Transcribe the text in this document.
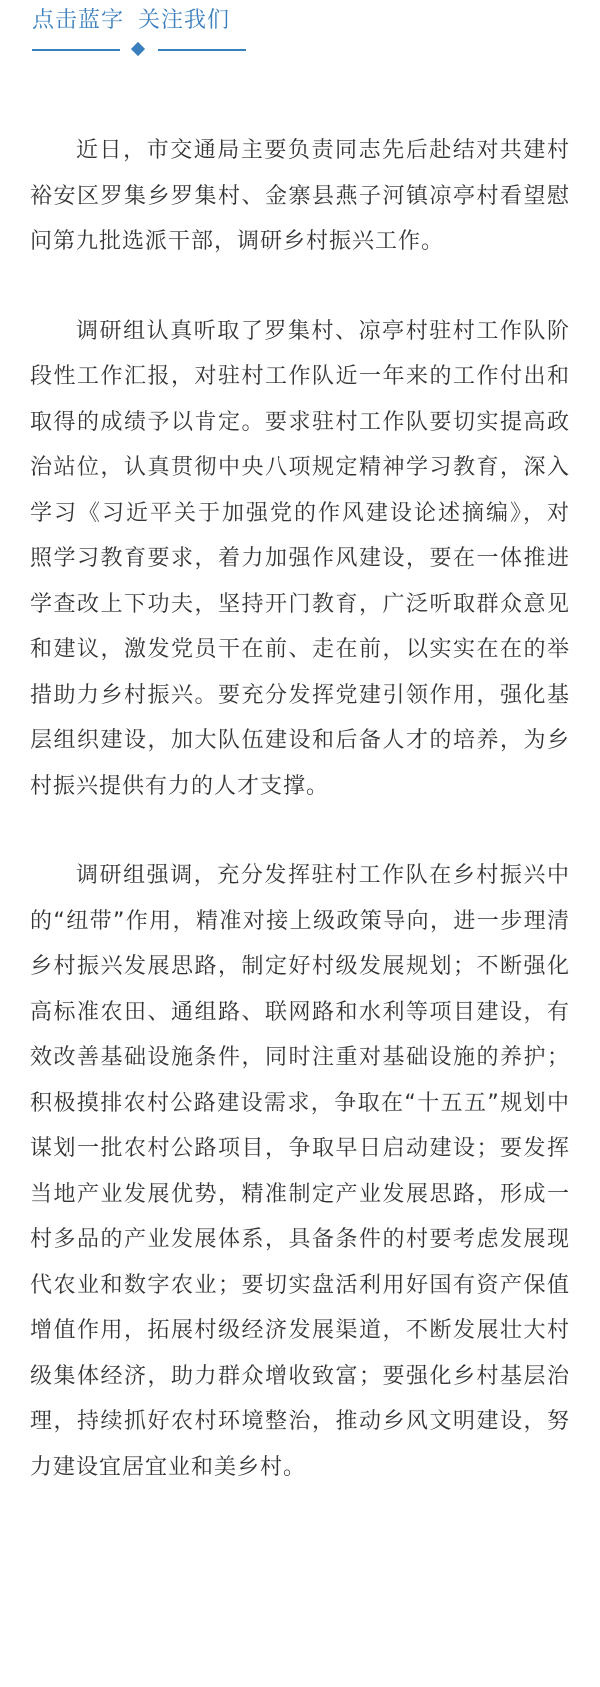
点击蓝字 关注我们

近日，市交通局主要负责同志先后赴结对共建村裕安区罗集乡罗集村、金寨县燕子河镇凉亭村看望慰问第九批选派干部，调研乡村振兴工作。

调研组认真听取了罗集村、凉亭村驻村工作队阶段性工作汇报，对驻村工作队近一年来的工作付出和取得的成绩予以肯定。要求驻村工作队要切实提高政治站位，认真贯彻中央八项规定精神学习教育，深入学习《习近平关于加强党的作风建设论述摘编》，对照学习教育要求，着力加强作风建设，要在一体推进学查改上下功夫，坚持开门教育，广泛听取群众意见和建议，激发党员干在前、走在前，以实实在在的举措助力乡村振兴。要充分发挥党建引领作用，强化基层组织建设，加大队伍建设和后备人才的培养，为乡村振兴提供有力的人才支撑。

调研组强调，充分发挥驻村工作队在乡村振兴中的“纽带”作用，精准对接上级政策导向，进一步理清乡村振兴发展思路，制定好村级发展规划；不断强化高标准农田、通组路、联网路和水利等项目建设，有效改善基础设施条件，同时注重对基础设施的养护；积极摸排农村公路建设需求，争取在“十五五”规划中谋划一批农村公路项目，争取早日启动建设；要发挥当地产业发展优势，精准制定产业发展思路，形成一村多品的产业发展体系，具备条件的村要考虑发展现代农业和数字农业；要切实盘活利用好国有资产保值增值作用，拓展村级经济发展渠道，不断发展壮大村级集体经济，助力群众增收致富；要强化乡村基层治理，持续抓好农村环境整治，推动乡风文明建设，努力建设宜居宜业和美乡村。
